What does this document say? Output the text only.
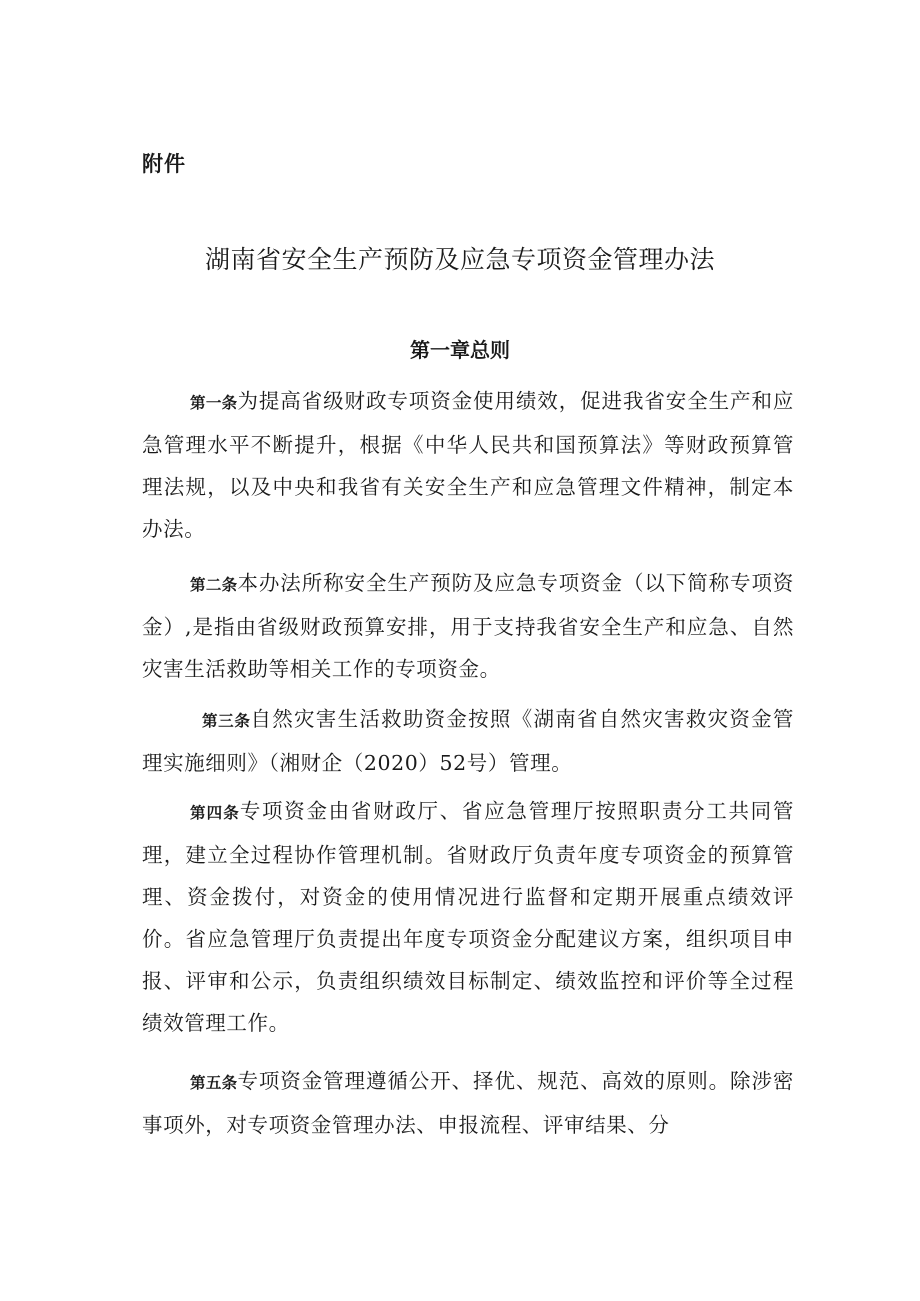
附件
湖南省安全生产预防及应急专项资金管理办法
第一章总则

第一条为提高省级财政专项资金使用绩效，促进我省安全生产和应急管理水平不断提升，根据《中华人民共和国预算法》等财政预算管理法规，以及中央和我省有关安全生产和应急管理文件精神，制定本办法。

第二条本办法所称安全生产预防及应急专项资金（以下简称专项资金）,是指由省级财政预算安排，用于支持我省安全生产和应急、自然灾害生活救助等相关工作的专项资金。

第三条自然灾害生活救助资金按照《湖南省自然灾害救灾资金管理实施细则》（湘财企（2020）52号）管理。

第四条专项资金由省财政厅、省应急管理厅按照职责分工共同管理，建立全过程协作管理机制。省财政厅负责年度专项资金的预算管理、资金拨付，对资金的使用情况进行监督和定期开展重点绩效评价。省应急管理厅负责提出年度专项资金分配建议方案，组织项目申报、评审和公示，负责组织绩效目标制定、绩效监控和评价等全过程绩效管理工作。

第五条专项资金管理遵循公开、择优、规范、高效的原则。除涉密事项外，对专项资金管理办法、申报流程、评审结果、分
